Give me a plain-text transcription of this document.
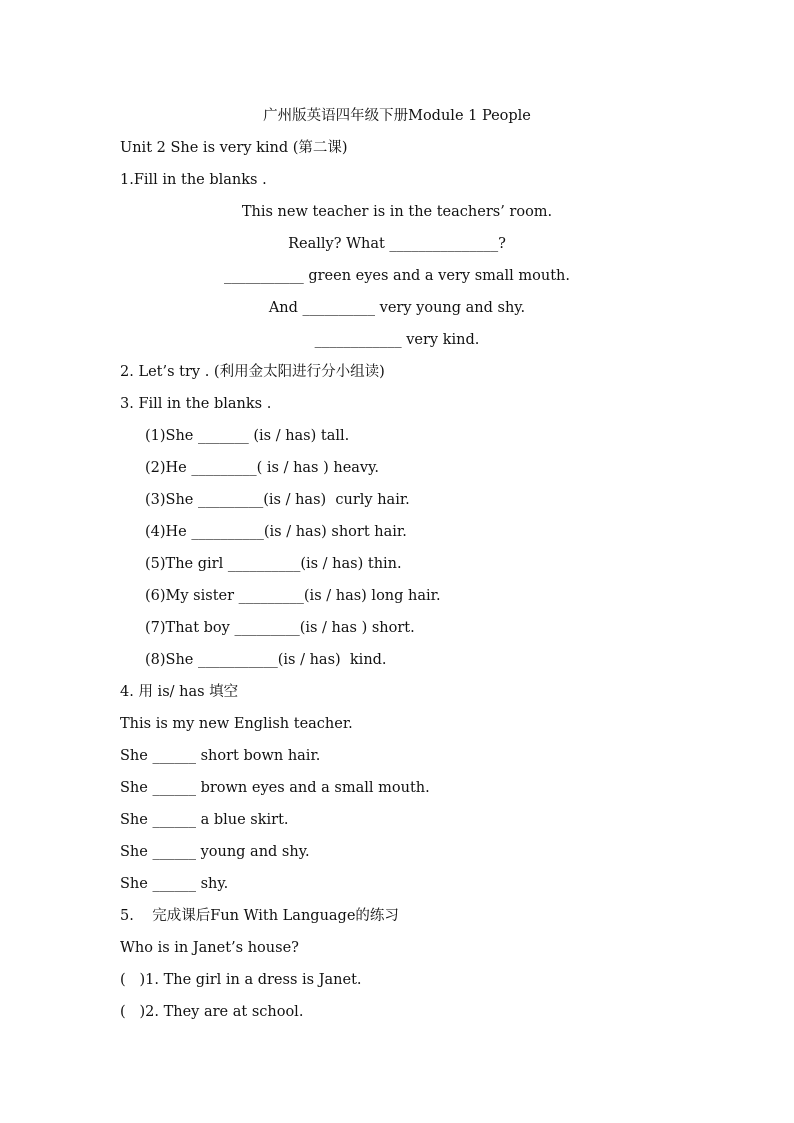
广州版英语四年级下册Module 1 People
Unit 2 She is very kind (第二课)
1.Fill in the blanks .
This new teacher is in the teachers’ room.
Really? What _______________?
___________ green eyes and a very small mouth.
And __________ very young and shy.
____________ very kind.
2. Let’s try . (利用金太阳进行分小组读)
3. Fill in the blanks .
(1)She _______ (is / has) tall.
(2)He _________( is / has ) heavy.
(3)She _________(is / has)  curly hair.
(4)He __________(is / has) short hair.
(5)The girl __________(is / has) thin.
(6)My sister _________(is / has) long hair.
(7)That boy _________(is / has ) short.
(8)She ___________(is / has)  kind.
4. 用 is/ has 填空
This is my new English teacher.
She ______ short bown hair.
She ______ brown eyes and a small mouth.
She ______ a blue skirt.
She ______ young and shy.
She ______ shy.
5.    完成课后Fun With Language的练习
Who is in Janet’s house?
(   )1. The girl in a dress is Janet.
(   )2. They are at school.
